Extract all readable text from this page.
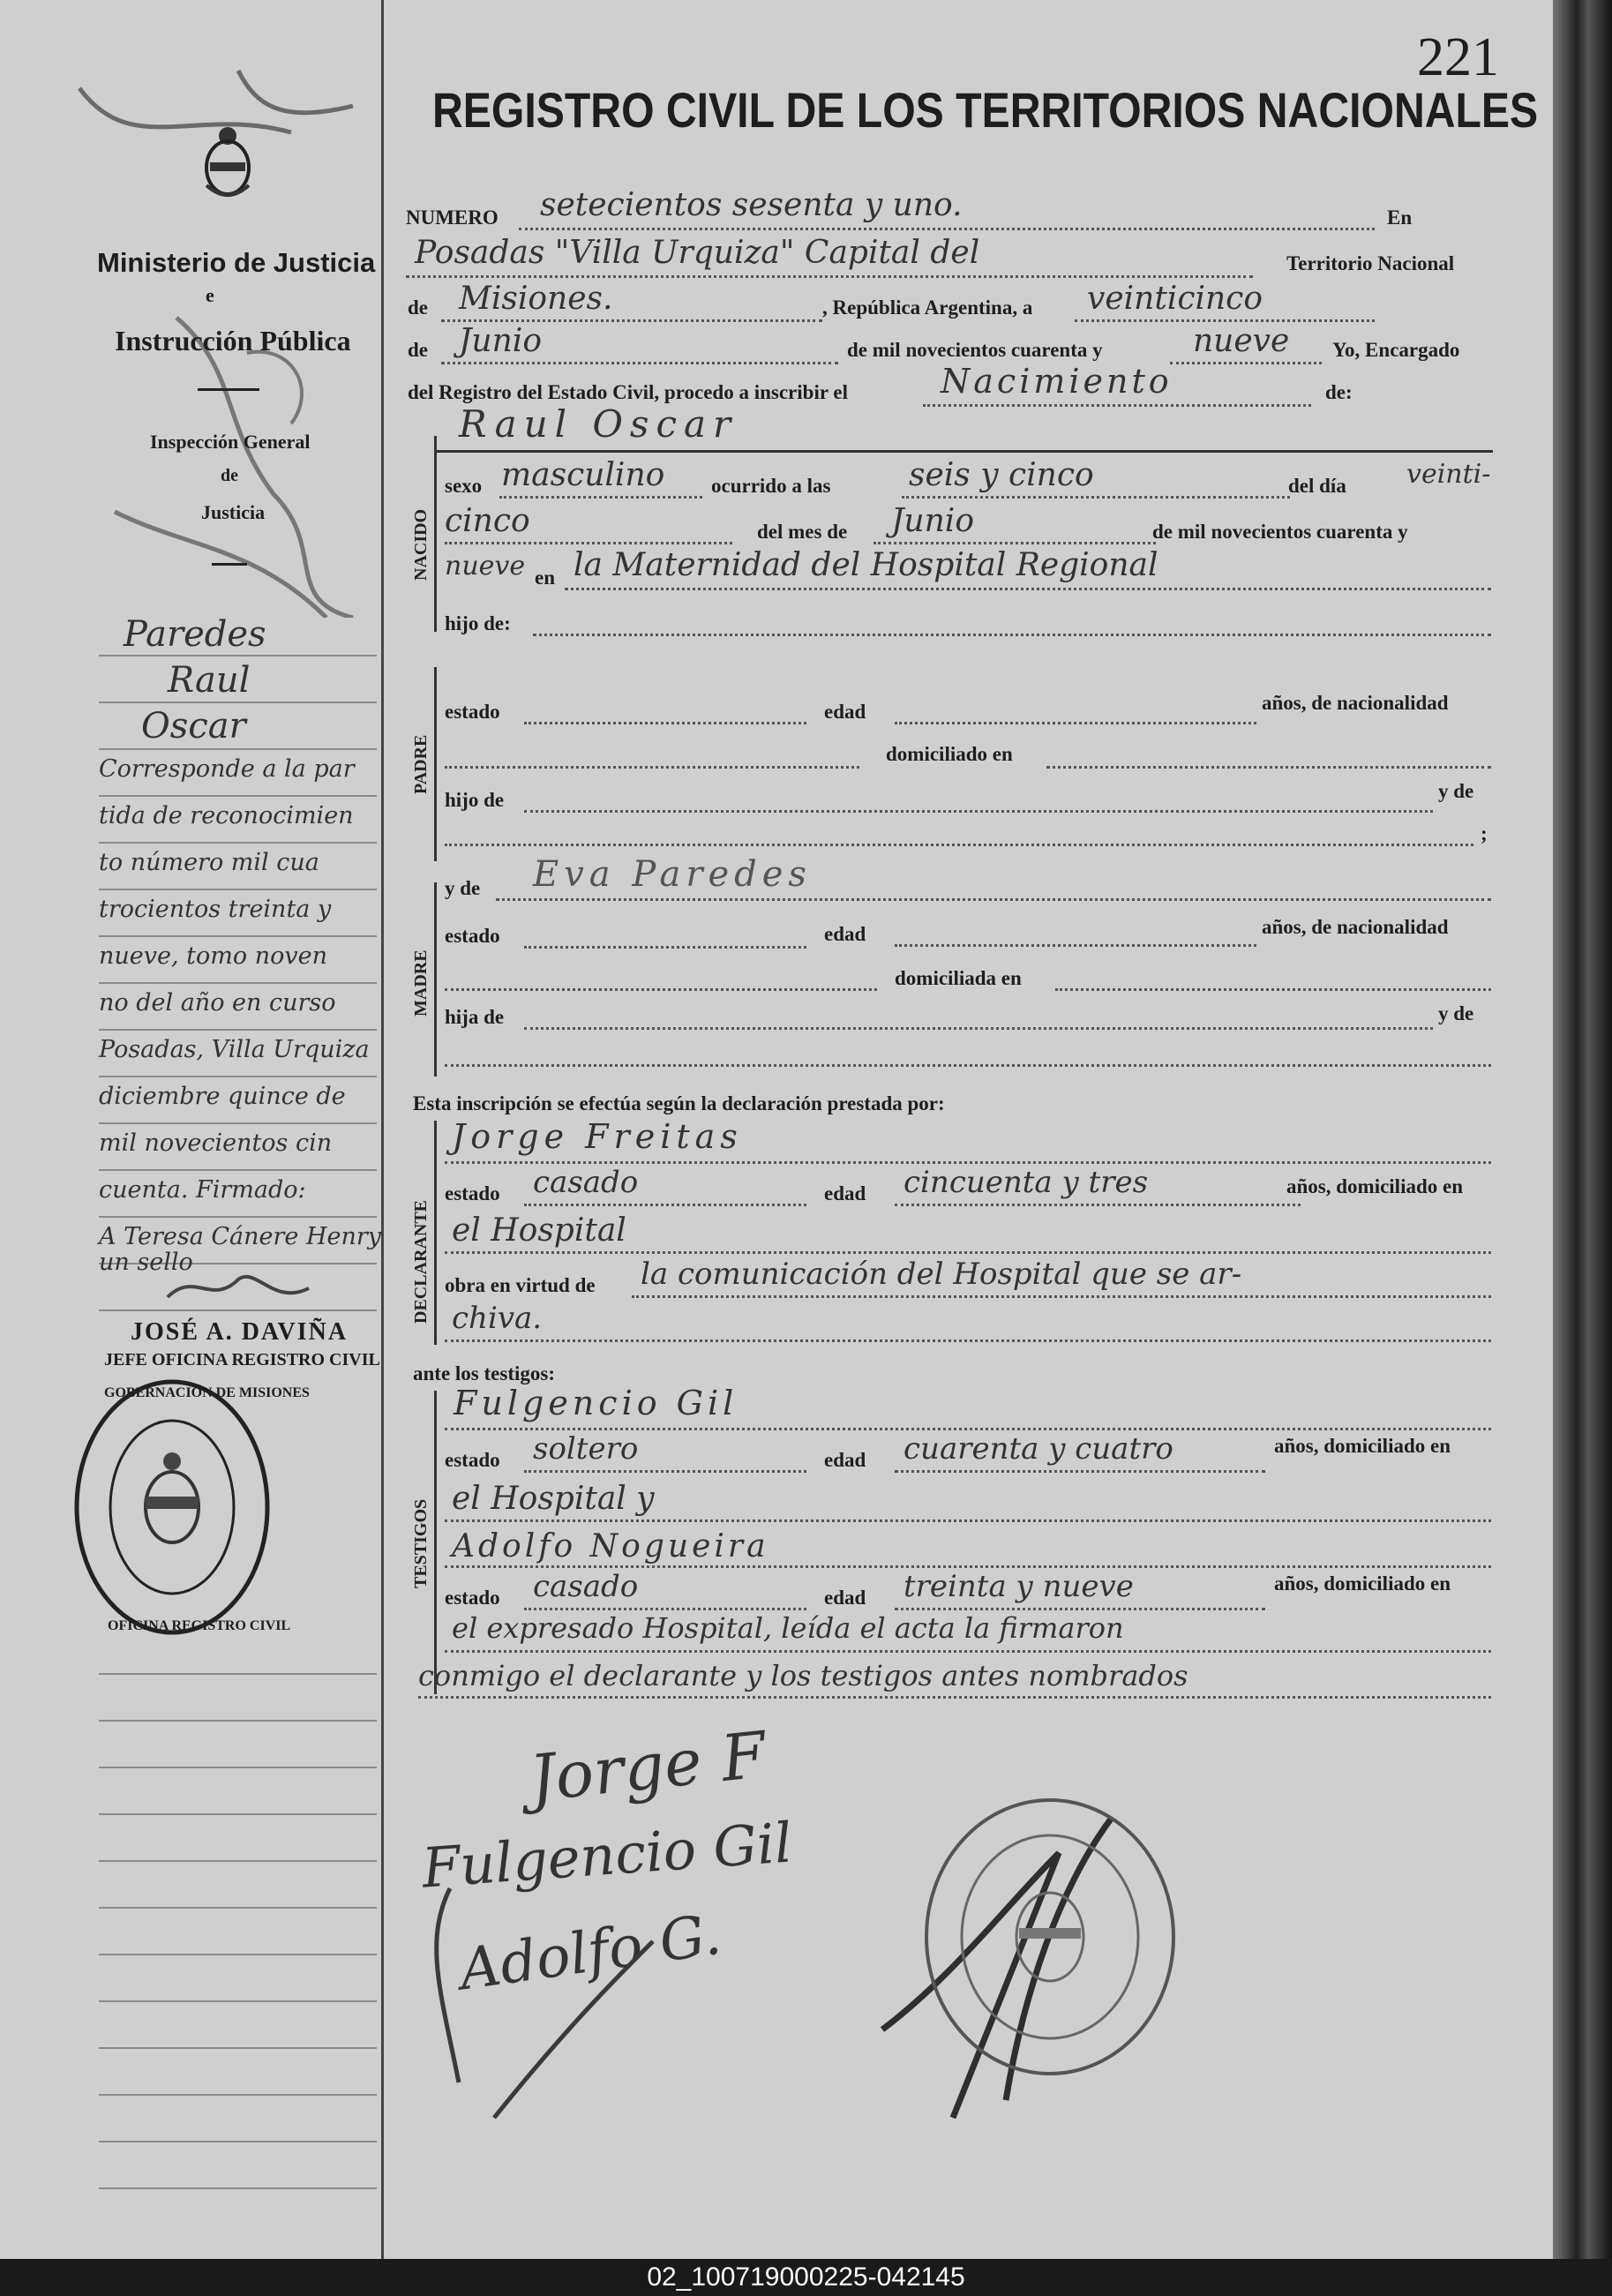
Ministerio de Justicia
e
Instrucción Pública
Inspección General
de
Justicia
Paredes
Raul
Oscar
Corresponde a la par
tida de reconocimien
to número mil cua
trocientos treinta y
nueve, tomo noven
no del año en curso
Posadas, Villa Urquiza
diciembre quince de
mil novecientos cin
cuenta. Firmado:
A Teresa Cánere Henry
un sello
JOSÉ A. DAVIÑA
JEFE OFICINA REGISTRO CIVIL
GOBERNACIÓN DE MISIONES
OFICINA REGISTRO CIVIL
221
REGISTRO CIVIL DE LOS TERRITORIOS NACIONALES
NUMERO setecientos sesenta y uno.	En
Posadas "Villa Urquiza" Capital del	Territorio Nacional
de Misiones.	, República Argentina, a veinticinco
de Junio	de mil novecientos cuarenta y	nueve Yo, Encargado
del Registro del Estado Civil, procedo a inscribir el	Nacimiento	de:
Raul Oscar
NACIDO
sexo masculino ocurrido a las seis y cinco	del día veinti-
cinco	del mes de Junio	de mil novecientos cuarenta y
nueve en la Maternidad del Hospital Regional
hijo de:
PADRE
estado	edad	años, de nacionalidad
domiciliado en
hijo de	y de
;
MADRE
y de Eva Paredes
estado	edad	años, de nacionalidad
domiciliada en
hija de	y de
Esta inscripción se efectúa según la declaración prestada por:
DECLARANTE
Jorge Freitas
estado casado	edad cincuenta y tres	años, domiciliado en
el Hospital
obra en virtud de la comunicación del Hospital que se ar-
chiva.
ante los testigos:
TESTIGOS
Fulgencio Gil
estado soltero	edad cuarenta y cuatro	años, domiciliado en
el Hospital y
Adolfo Nogueira
estado casado	edad treinta y nueve	años, domiciliado en
el expresado Hospital, leída el acta la firmaron
conmigo el declarante y los testigos antes nombrados
Jorge F
Fulgencio Gil
Adolfo G.
02_100719000225-042145
